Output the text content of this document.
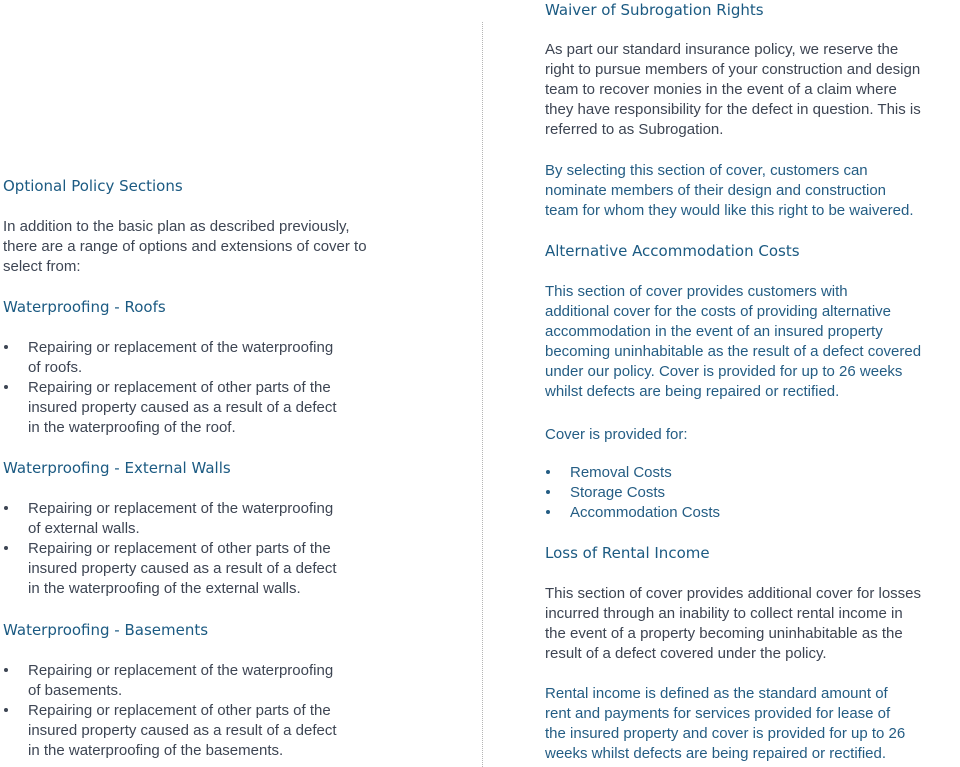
Optional Policy Sections

In addition to the basic plan as described previously,
there are a range of options and extensions of cover to
select from:

Waterproofing - Roofs
Repairing or replacement of the waterproofing
of roofs.
Repairing or replacement of other parts of the
insured property caused as a result of a defect
in the waterproofing of the roof.
Waterproofing - External Walls
Repairing or replacement of the waterproofing
of external walls.
Repairing or replacement of other parts of the
insured property caused as a result of a defect
in the waterproofing of the external walls.
Waterproofing - Basements
Repairing or replacement of the waterproofing
of basements.
Repairing or replacement of other parts of the
insured property caused as a result of a defect
in the waterproofing of the basements.
Waiver of Subrogation Rights

As part our standard insurance policy, we reserve the
right to pursue members of your construction and design
team to recover monies in the event of a claim where
they have responsibility for the defect in question. This is
referred to as Subrogation.

By selecting this section of cover, customers can
nominate members of their design and construction
team for whom they would like this right to be waivered.

Alternative Accommodation Costs

This section of cover provides customers with
additional cover for the costs of providing alternative
accommodation in the event of an insured property
becoming uninhabitable as the result of a defect covered
under our policy. Cover is provided for up to 26 weeks
whilst defects are being repaired or rectified.

Cover is provided for:

Removal Costs
Storage Costs
Accommodation Costs
Loss of Rental Income

This section of cover provides additional cover for losses
incurred through an inability to collect rental income in
the event of a property becoming uninhabitable as the
result of a defect covered under the policy.

Rental income is defined as the standard amount of
rent and payments for services provided for lease of
the insured property and cover is provided for up to 26
weeks whilst defects are being repaired or rectified.
